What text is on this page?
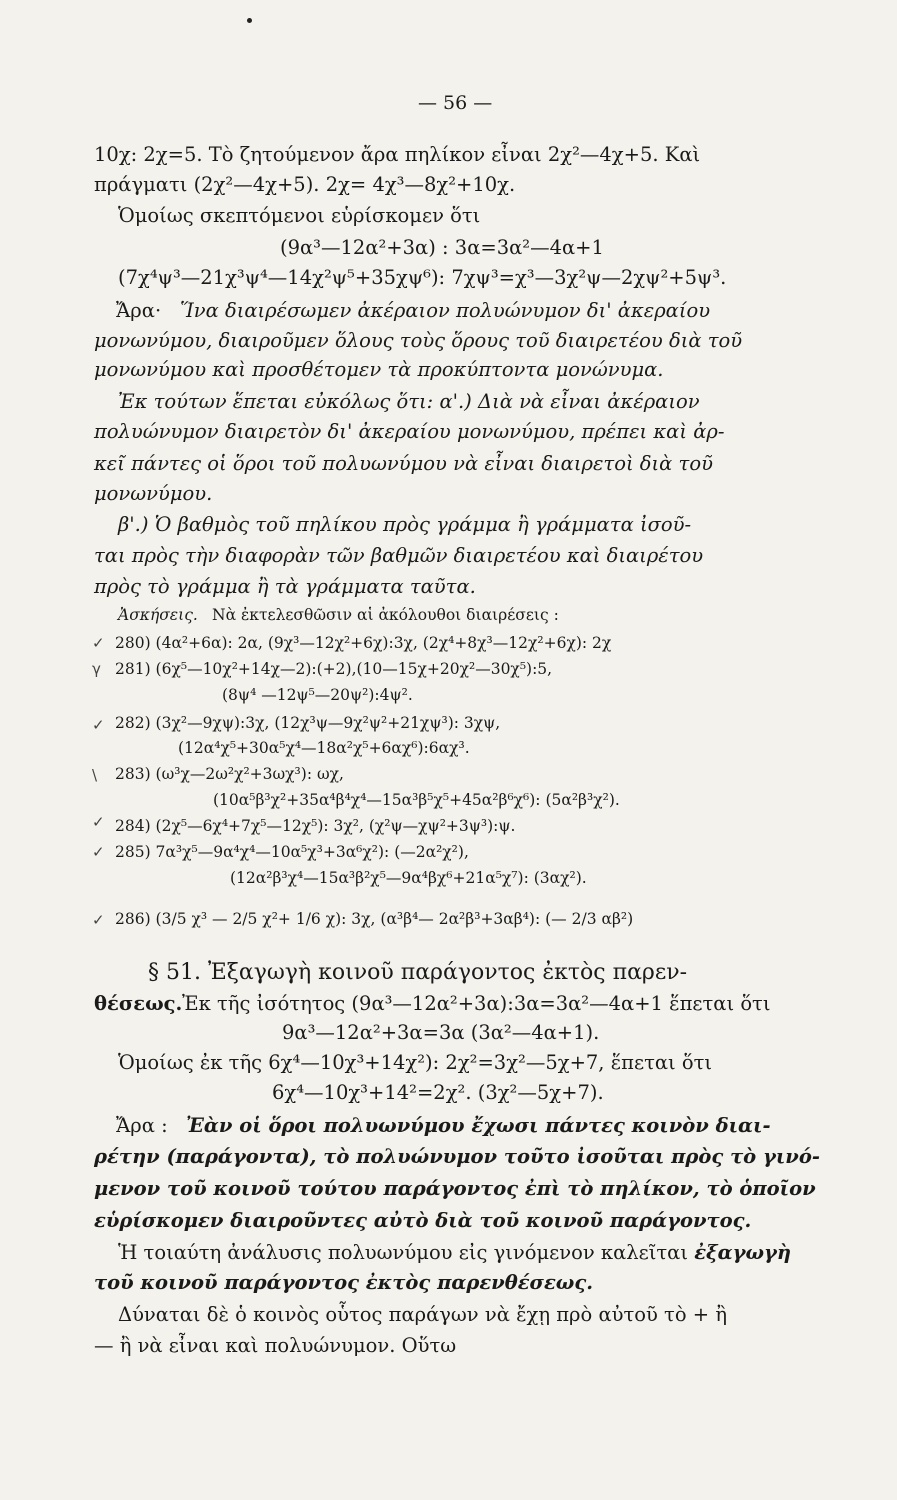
— 56 —
10χ: 2χ=5. Τὸ ζητούμενον ἄρα πηλίκον εἶναι 2χ²—4χ+5. Καὶ
πράγματι (2χ²—4χ+5). 2χ= 4χ³—8χ²+10χ.
Ὁμοίως σκεπτόμενοι εὑρίσκομεν ὅτι
(9α³—12α²+3α) : 3α=3α²—4α+1
(7χ⁴ψ³—21χ³ψ⁴—14χ²ψ⁵+35χψ⁶): 7χψ³=χ³—3χ²ψ—2χψ²+5ψ³.
Ἄρα· Ἵνα διαιρέσωμεν ἀκέραιον πολυώνυμον δι' ἀκεραίου
μονωνύμου, διαιροῦμεν ὅλους τοὺς ὅρους τοῦ διαιρετέου διὰ τοῦ
μονωνύμου καὶ προσθέτομεν τὰ προκύπτοντα μονώνυμα.
Ἐκ τούτων ἕπεται εὐκόλως ὅτι: α'.) Διὰ νὰ εἶναι ἀκέραιον
πολυώνυμον διαιρετὸν δι' ἀκεραίου μονωνύμου, πρέπει καὶ ἀρ-
κεῖ πάντες οἱ ὅροι τοῦ πολυωνύμου νὰ εἶναι διαιρετοὶ διὰ τοῦ
μονωνύμου.
β'.) Ὁ βαθμὸς τοῦ πηλίκου πρὸς γράμμα ἢ γράμματα ἰσοῦ-
ται πρὸς τὴν διαφορὰν τῶν βαθμῶν διαιρετέου καὶ διαιρέτου
πρὸς τὸ γράμμα ἢ τὰ γράμματα ταῦτα.
Ἀσκήσεις. Νὰ ἐκτελεσθῶσιν αἱ ἀκόλουθοι διαιρέσεις :
✓ 280) (4α²+6α): 2α, (9χ³—12χ²+6χ):3χ, (2χ⁴+8χ³—12χ²+6χ): 2χ
γ 281) (6χ⁵—10χ²+14χ—2):(+2),(10—15χ+20χ²—30χ⁵):5,
(8ψ⁴ —12ψ⁵—20ψ²):4ψ².
✓ 282) (3χ²—9χψ):3χ, (12χ³ψ—9χ²ψ²+21χψ³): 3χψ,
(12α⁴χ⁵+30α⁵χ⁴—18α²χ⁵+6αχ⁶):6αχ³.
\ 283) (ω³χ—2ω²χ²+3ωχ³): ωχ,
(10α⁵β³χ²+35α⁴β⁴χ⁴—15α³β⁵χ⁵+45α²β⁶χ⁶): (5α²β³χ²).
✓ 284) (2χ⁵—6χ⁴+7χ⁵—12χ⁵): 3χ², (χ²ψ—χψ²+3ψ³):ψ.
✓ 285) 7α³χ⁵—9α⁴χ⁴—10α⁵χ³+3α⁶χ²): (—2α²χ²),
(12α²β³χ⁴—15α³β²χ⁵—9α⁴βχ⁶+21α⁵χ⁷): (3αχ²).
✓ 286) (3/5 χ³ — 2/5 χ²+ 1/6 χ): 3χ, (α³β⁴— 2α²β³+3αβ⁴): (— 2/3 αβ²)
§ 51. Ἐξαγωγὴ κοινοῦ παράγοντος ἐκτὸς παρεν-
θέσεως. Ἐκ τῆς ἰσότητος (9α³—12α²+3α):3α=3α²—4α+1 ἕπεται ὅτι
9α³—12α²+3α=3α (3α²—4α+1).
Ὁμοίως ἐκ τῆς 6χ⁴—10χ³+14χ²): 2χ²=3χ²—5χ+7, ἕπεται ὅτι
6χ⁴—10χ³+14²=2χ². (3χ²—5χ+7).
Ἄρα : Ἐὰν οἱ ὅροι πολυωνύμου ἔχωσι πάντες κοινὸν διαι-
ρέτην (παράγοντα), τὸ πολυώνυμον τοῦτο ἰσοῦται πρὸς τὸ γινό-
μενον τοῦ κοινοῦ τούτου παράγοντος ἐπὶ τὸ πηλίκον, τὸ ὁποῖον
εὑρίσκομεν διαιροῦντες αὐτὸ διὰ τοῦ κοινοῦ παράγοντος.
Ἡ τοιαύτη ἀνάλυσις πολυωνύμου εἰς γινόμενον καλεῖται ἐξαγωγὴ
τοῦ κοινοῦ παράγοντος ἐκτὸς παρενθέσεως.
Δύναται δὲ ὁ κοινὸς οὗτος παράγων νὰ ἔχῃ πρὸ αὐτοῦ τὸ + ἢ
— ἢ νὰ εἶναι καὶ πολυώνυμον. Οὕτω
